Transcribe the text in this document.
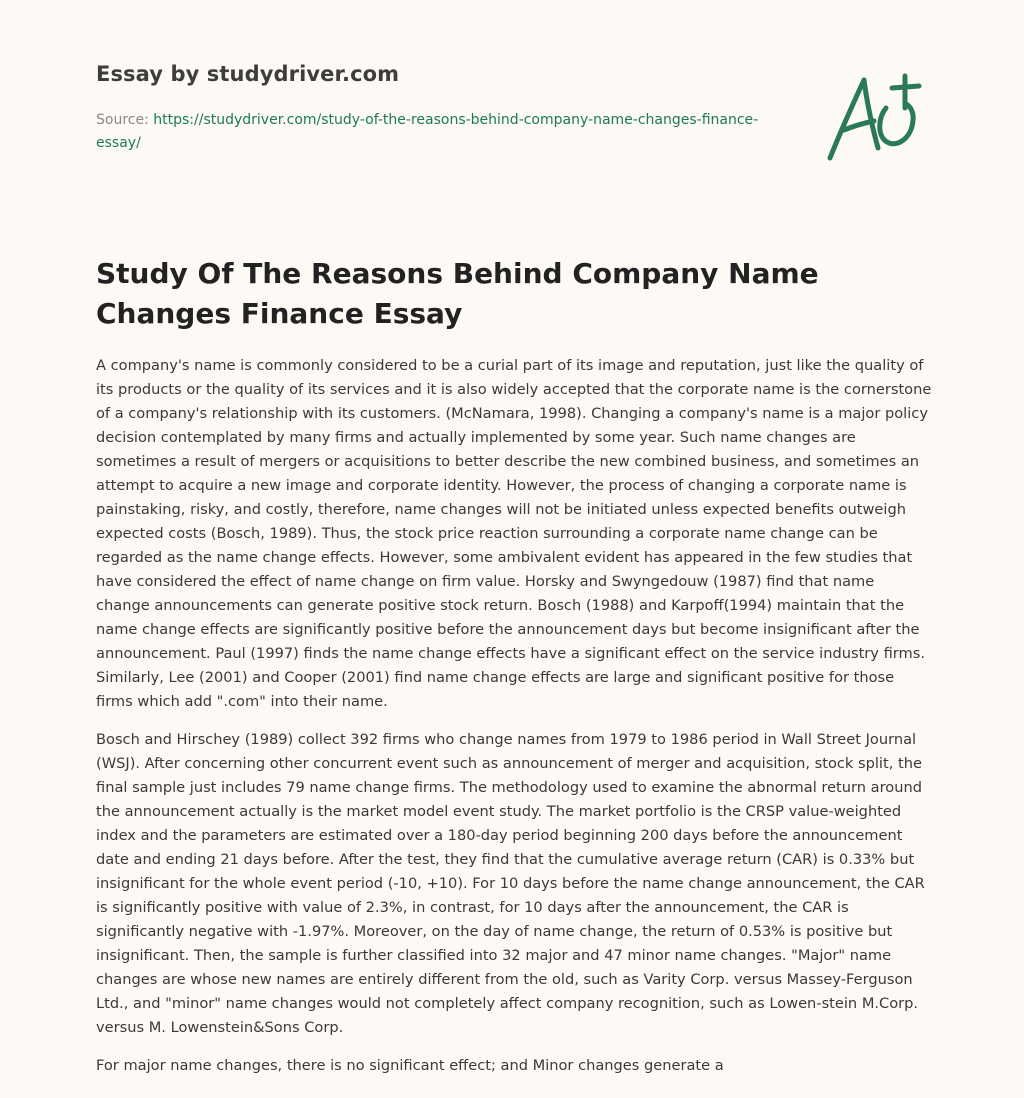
Essay by studydriver.com
Source: https://studydriver.com/study-of-the-reasons-behind-company-name-changes-finance-essay/
Study Of The Reasons Behind Company Name Changes Finance Essay

A company's name is commonly considered to be a curial part of its image and reputation, just like the quality of its products or the quality of its services and it is also widely accepted that the corporate name is the cornerstone of a company's relationship with its customers. (McNamara, 1998). Changing a company's name is a major policy decision contemplated by many firms and actually implemented by some year. Such name changes are sometimes a result of mergers or acquisitions to better describe the new combined business, and sometimes an attempt to acquire a new image and corporate identity. However, the process of changing a corporate name is painstaking, risky, and costly, therefore, name changes will not be initiated unless expected benefits outweigh expected costs (Bosch, 1989). Thus, the stock price reaction surrounding a corporate name change can be regarded as the name change effects. However, some ambivalent evident has appeared in the few studies that have considered the effect of name change on firm value. Horsky and Swyngedouw (1987) find that name change announcements can generate positive stock return. Bosch (1988) and Karpoff(1994) maintain that the name change effects are significantly positive before the announcement days but become insignificant after the announcement. Paul (1997) finds the name change effects have a significant effect on the service industry firms. Similarly, Lee (2001) and Cooper (2001) find name change effects are large and significant positive for those firms which add ".com" into their name.

Bosch and Hirschey (1989) collect 392 firms who change names from 1979 to 1986 period in Wall Street Journal (WSJ). After concerning other concurrent event such as announcement of merger and acquisition, stock split, the final sample just includes 79 name change firms. The methodology used to examine the abnormal return around the announcement actually is the market model event study. The market portfolio is the CRSP value-weighted index and the parameters are estimated over a 180-day period beginning 200 days before the announcement date and ending 21 days before. After the test, they find that the cumulative average return (CAR) is 0.33% but insignificant for the whole event period (-10, +10). For 10 days before the name change announcement, the CAR is significantly positive with value of 2.3%, in contrast, for 10 days after the announcement, the CAR is significantly negative with -1.97%. Moreover, on the day of name change, the return of 0.53% is positive but insignificant. Then, the sample is further classified into 32 major and 47 minor name changes. "Major" name changes are whose new names are entirely different from the old, such as Varity Corp. versus Massey-Ferguson Ltd., and "minor" name changes would not completely affect company recognition, such as Lowen-stein M.Corp. versus M. Lowenstein&Sons Corp.

For major name changes, there is no significant effect; and Minor changes generate a
